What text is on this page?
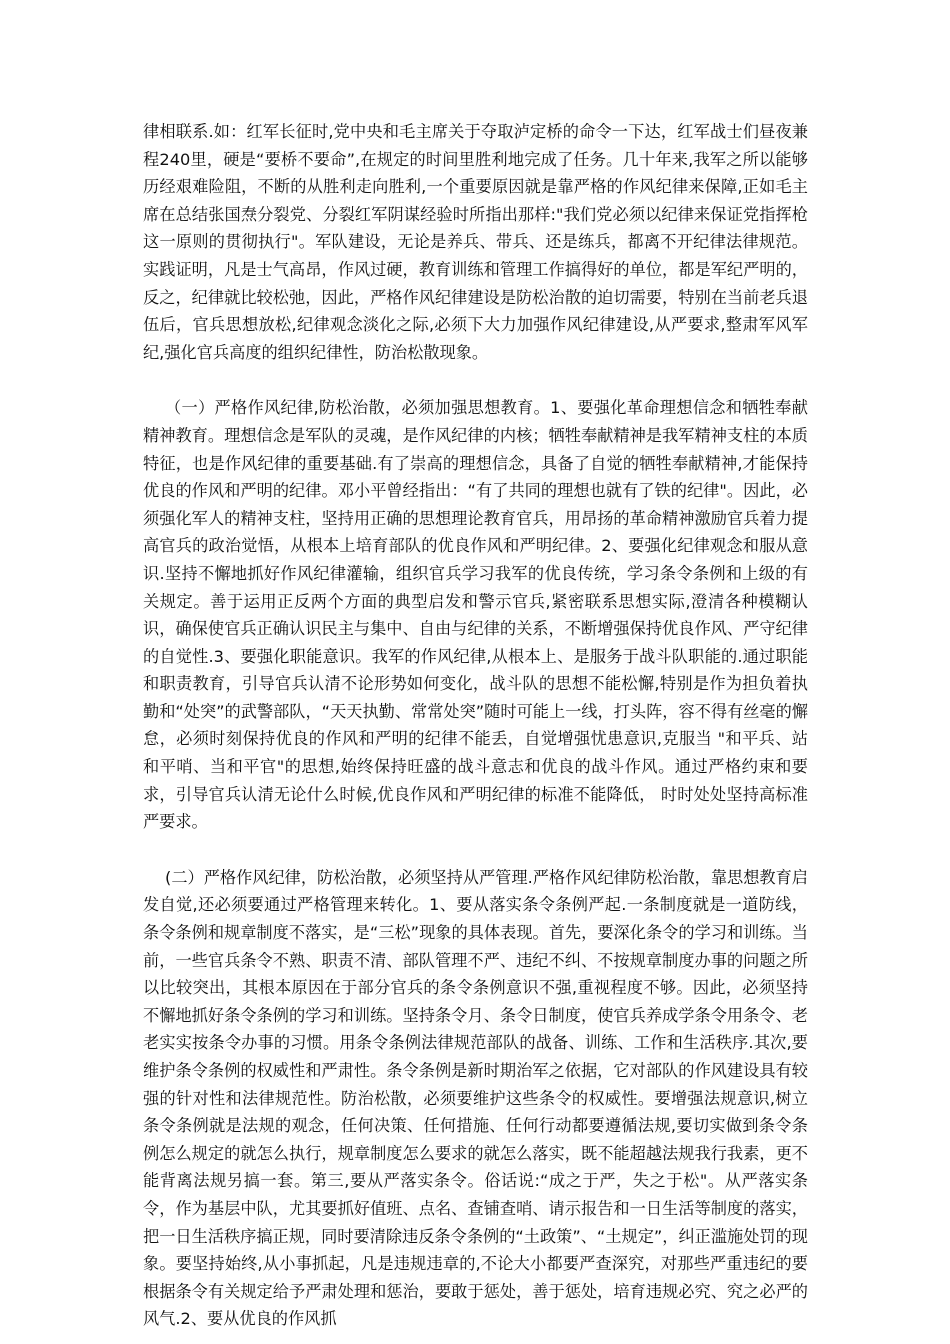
律相联系.如：红军长征时,党中央和毛主席关于夺取泸定桥的命令一下达，红军战士们昼夜兼程240里，硬是“要桥不要命”,在规定的时间里胜利地完成了任务。几十年来,我军之所以能够历经艰难险阻，不断的从胜利走向胜利,一个重要原因就是靠严格的作风纪律来保障,正如毛主席在总结张国焘分裂党、分裂红军阴谋经验时所指出那样:"我们党必须以纪律来保证党指挥枪这一原则的贯彻执行"。军队建设，无论是养兵、带兵、还是练兵，都离不开纪律法律规范。实践证明，凡是士气高昂，作风过硬，教育训练和管理工作搞得好的单位，都是军纪严明的，反之，纪律就比较松弛，因此，严格作风纪律建设是防松治散的迫切需要，特别在当前老兵退伍后，官兵思想放松,纪律观念淡化之际,必须下大力加强作风纪律建设,从严要求,整肃军风军纪,强化官兵高度的组织纪律性，防治松散现象。

（一）严格作风纪律,防松治散，必须加强思想教育。1、要强化革命理想信念和牺牲奉献精神教育。理想信念是军队的灵魂，是作风纪律的内核；牺牲奉献精神是我军精神支柱的本质特征，也是作风纪律的重要基础.有了崇高的理想信念，具备了自觉的牺牲奉献精神,才能保持优良的作风和严明的纪律。邓小平曾经指出：“有了共同的理想也就有了铁的纪律"。因此，必须强化军人的精神支柱，坚持用正确的思想理论教育官兵，用昂扬的革命精神激励官兵着力提高官兵的政治觉悟，从根本上培育部队的优良作风和严明纪律。2、要强化纪律观念和服从意识.坚持不懈地抓好作风纪律灌输，组织官兵学习我军的优良传统，学习条令条例和上级的有关规定。善于运用正反两个方面的典型启发和警示官兵,紧密联系思想实际,澄清各种模糊认识，确保使官兵正确认识民主与集中、自由与纪律的关系，不断增强保持优良作风、严守纪律的自觉性.3、要强化职能意识。我军的作风纪律,从根本上、是服务于战斗队职能的.通过职能和职责教育，引导官兵认清不论形势如何变化，战斗队的思想不能松懈,特别是作为担负着执勤和“处突”的武警部队，“天天执勤、常常处突”随时可能上一线，打头阵，容不得有丝毫的懈怠，必须时刻保持优良的作风和严明的纪律不能丢，自觉增强忧患意识,克服当 "和平兵、站和平哨、当和平官"的思想,始终保持旺盛的战斗意志和优良的战斗作风。通过严格约束和要求，引导官兵认清无论什么时候,优良作风和严明纪律的标准不能降低， 时时处处坚持高标准严要求。

(二）严格作风纪律，防松治散，必须坚持从严管理.严格作风纪律防松治散，靠思想教育启发自觉,还必须要通过严格管理来转化。1、要从落实条令条例严起.一条制度就是一道防线，条令条例和规章制度不落实，是“三松”现象的具体表现。首先，要深化条令的学习和训练。当前，一些官兵条令不熟、职责不清、部队管理不严、违纪不纠、不按规章制度办事的问题之所以比较突出，其根本原因在于部分官兵的条令条例意识不强,重视程度不够。因此，必须坚持不懈地抓好条令条例的学习和训练。坚持条令月、条令日制度，使官兵养成学条令用条令、老老实实按条令办事的习惯。用条令条例法律规范部队的战备、训练、工作和生活秩序.其次,要维护条令条例的权威性和严肃性。条令条例是新时期治军之依据，它对部队的作风建设具有较强的针对性和法律规范性。防治松散，必须要维护这些条令的权威性。要增强法规意识,树立条令条例就是法规的观念，任何决策、任何措施、任何行动都要遵循法规,要切实做到条令条例怎么规定的就怎么执行，规章制度怎么要求的就怎么落实，既不能超越法规我行我素，更不能背离法规另搞一套。第三,要从严落实条令。俗话说:“成之于严，失之于松"。从严落实条令，作为基层中队，尤其要抓好值班、点名、查铺查哨、请示报告和一日生活等制度的落实，把一日生活秩序搞正规，同时要清除违反条令条例的“土政策”、“土规定”，纠正滥施处罚的现象。要坚持始终,从小事抓起，凡是违规违章的,不论大小都要严查深究，对那些严重违纪的要根据条令有关规定给予严肃处理和惩治，要敢于惩处，善于惩处，培育违规必究、究之必严的风气.2、要从优良的作风抓
